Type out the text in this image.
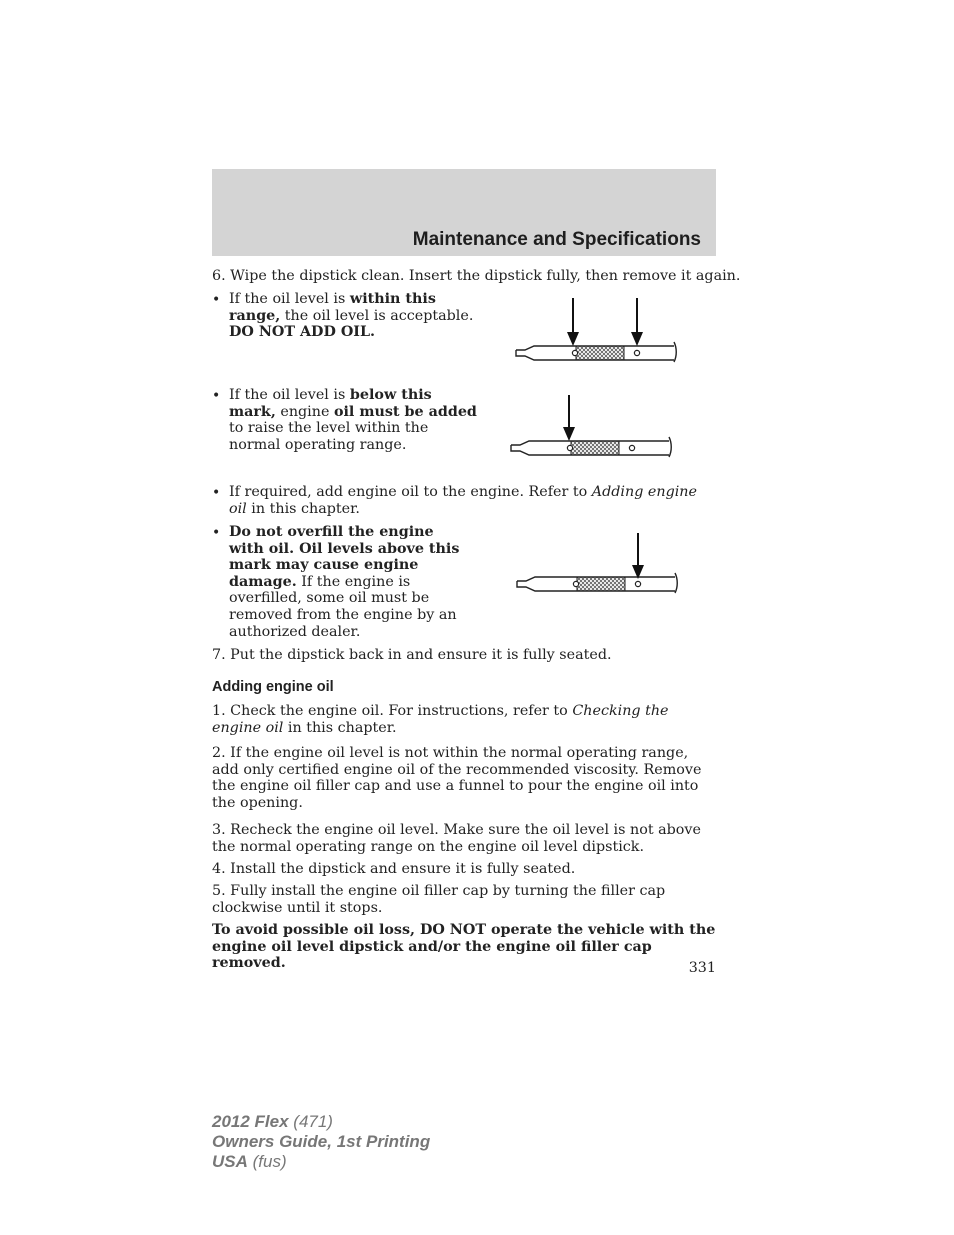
Maintenance and Specifications
6. Wipe the dipstick clean. Insert the dipstick fully, then remove it again.
• If the oil level is within this range, the oil level is acceptable. DO NOT ADD OIL.
• If the oil level is below this mark, engine oil must be added to raise the level within the normal operating range.
• If required, add engine oil to the engine. Refer to Adding engine oil in this chapter.
• Do not overfill the engine with oil. Oil levels above this mark may cause engine damage. If the engine is overfilled, some oil must be removed from the engine by an authorized dealer.
7. Put the dipstick back in and ensure it is fully seated.
Adding engine oil
1. Check the engine oil. For instructions, refer to Checking the engine oil in this chapter.
2. If the engine oil level is not within the normal operating range, add only certified engine oil of the recommended viscosity. Remove the engine oil filler cap and use a funnel to pour the engine oil into the opening.
3. Recheck the engine oil level. Make sure the oil level is not above the normal operating range on the engine oil level dipstick.
4. Install the dipstick and ensure it is fully seated.
5. Fully install the engine oil filler cap by turning the filler cap clockwise until it stops.
To avoid possible oil loss, DO NOT operate the vehicle with the engine oil level dipstick and/or the engine oil filler cap removed.	331
2012 Flex (471)
Owners Guide, 1st Printing
USA (fus)
